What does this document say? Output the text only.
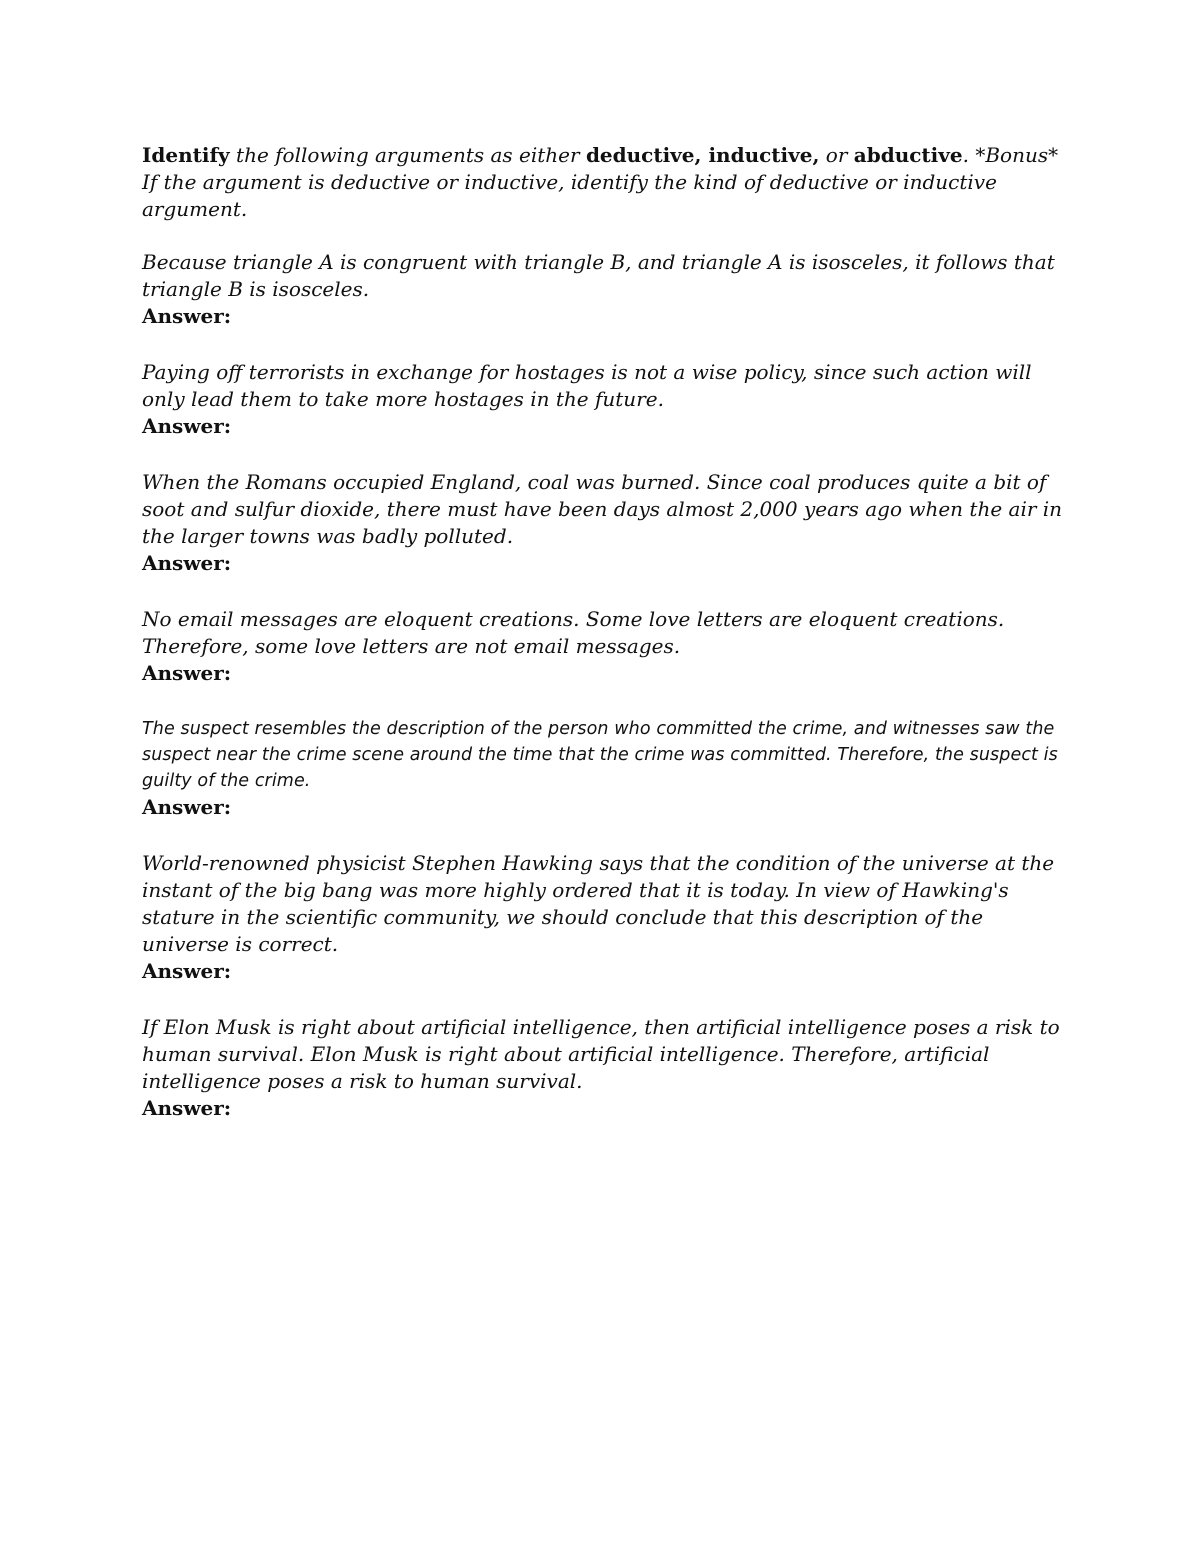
Identify the following arguments as either deductive, inductive, or abductive. *Bonus* If the argument is deductive or inductive, identify the kind of deductive or inductive argument.

Because triangle A is congruent with triangle B, and triangle A is isosceles, it follows that triangle B is isosceles.

Answer:

Paying off terrorists in exchange for hostages is not a wise policy, since such action will only lead them to take more hostages in the future.

Answer:

When the Romans occupied England, coal was burned. Since coal produces quite a bit of soot and sulfur dioxide, there must have been days almost 2,000 years ago when the air in the larger towns was badly polluted.

Answer:

No email messages are eloquent creations. Some love letters are eloquent creations. Therefore, some love letters are not email messages.

Answer:

The suspect resembles the description of the person who committed the crime, and witnesses saw the suspect near the crime scene around the time that the crime was committed. Therefore, the suspect is guilty of the crime.

Answer:

World-renowned physicist Stephen Hawking says that the condition of the universe at the instant of the big bang was more highly ordered that it is today. In view of Hawking's stature in the scientific community, we should conclude that this description of the universe is correct.

Answer:

If Elon Musk is right about artificial intelligence, then artificial intelligence poses a risk to human survival. Elon Musk is right about artificial intelligence. Therefore, artificial intelligence poses a risk to human survival.

Answer:
